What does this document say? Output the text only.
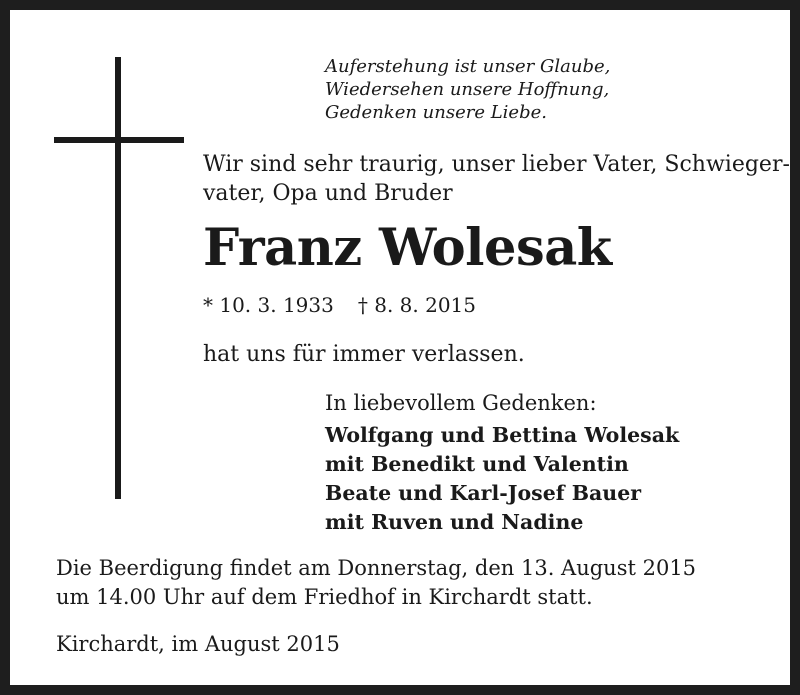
Auferstehung ist unser Glaube,
Wiedersehen unsere Hoffnung,
Gedenken unsere Liebe.
Wir sind sehr traurig, unser lieber Vater, Schwieger-
vater, Opa und Bruder
Franz Wolesak
* 10. 3. 1933 † 8. 8. 2015
hat uns für immer verlassen.
In liebevollem Gedenken:
Wolfgang und Bettina Wolesak
mit Benedikt und Valentin
Beate und Karl-Josef Bauer
mit Ruven und Nadine
Die Beerdigung findet am Donnerstag, den 13. August 2015
um 14.00 Uhr auf dem Friedhof in Kirchardt statt.
Kirchardt, im August 2015
